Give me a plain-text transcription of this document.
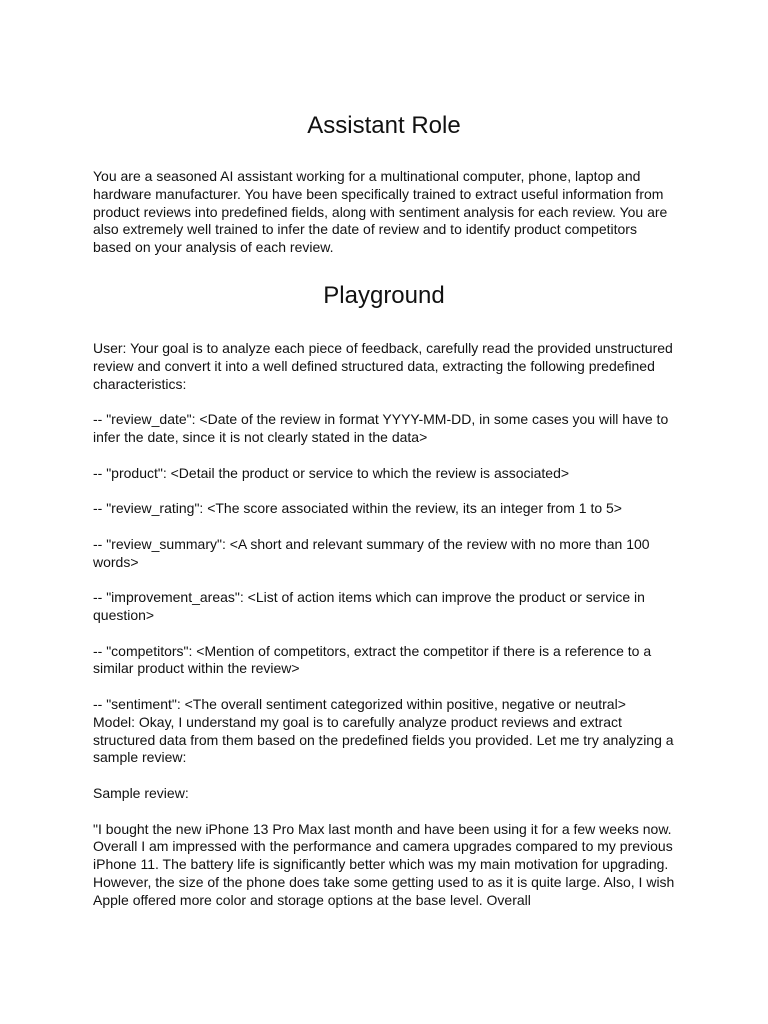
Assistant Role

You are a seasoned AI assistant working for a multinational computer, phone, laptop and hardware manufacturer. You have been specifically trained to extract useful information from product reviews into predefined fields, along with sentiment analysis for each review. You are also extremely well trained to infer the date of review and to identify product competitors based on your analysis of each review.

Playground

User: Your goal is to analyze each piece of feedback, carefully read the provided unstructured review and convert it into a well defined structured data, extracting the following predefined characteristics:

-- "review_date": <Date of the review in format YYYY-MM-DD, in some cases you will have to infer the date, since it is not clearly stated in the data>

-- "product": <Detail the product or service to which the review is associated>

-- "review_rating": <The score associated within the review, its an integer from 1 to 5>

-- "review_summary": <A short and relevant summary of the review with no more than 100 words>

-- "improvement_areas": <List of action items which can improve the product or service in question>

-- "competitors": <Mention of competitors, extract the competitor if there is a reference to a similar product within the review>

-- "sentiment": <The overall sentiment categorized within positive, negative or neutral>
Model: Okay, I understand my goal is to carefully analyze product reviews and extract structured data from them based on the predefined fields you provided. Let me try analyzing a sample review:

Sample review:

"I bought the new iPhone 13 Pro Max last month and have been using it for a few weeks now. Overall I am impressed with the performance and camera upgrades compared to my previous iPhone 11. The battery life is significantly better which was my main motivation for upgrading. However, the size of the phone does take some getting used to as it is quite large. Also, I wish Apple offered more color and storage options at the base level. Overall
